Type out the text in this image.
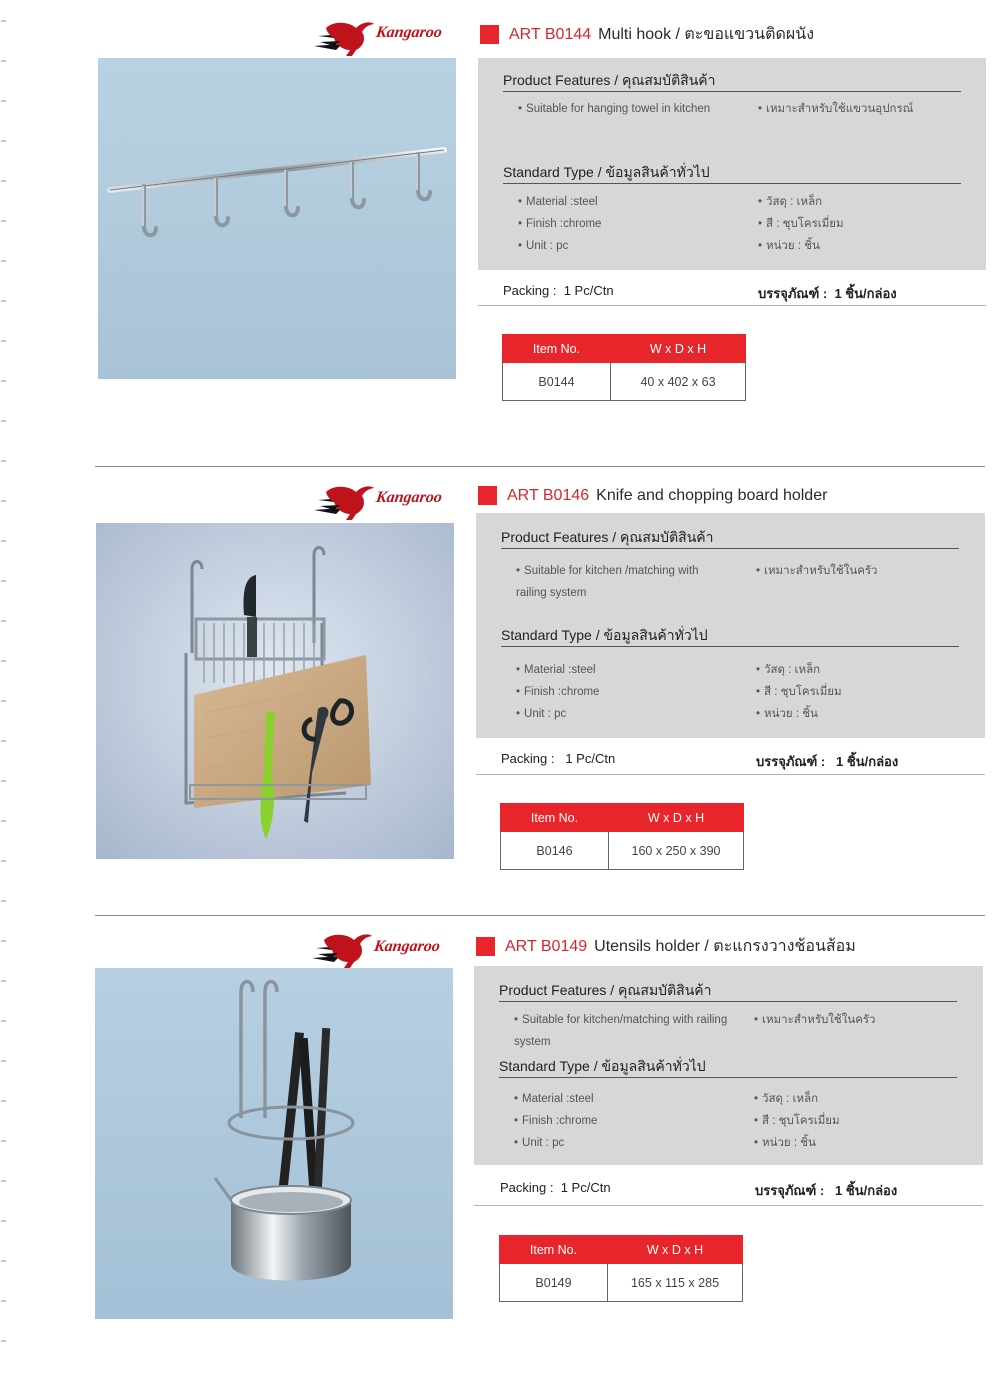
Kangaroo	ART B0144 Multi hook / ตะขอแขวนติดผนัง
Product Features / คุณสมบัติสินค้า
• Suitable for hanging towel in kitchen	• เหมาะสำหรับใช้แขวนอุปกรณ์
Standard Type / ข้อมูลสินค้าทั่วไป
• Material :steel
• Finish :chrome
• Unit : pc
• วัสดุ : เหล็ก
• สี : ชุบโครเมี่ยม
• หน่วย : ชิ้น
Packing : 1 Pc/Ctn	บรรจุภัณฑ์ : 1 ชิ้น/กล่อง
Item No.	W x D x H
B0144	40 x 402 x 63
Kangaroo	ART B0146 Knife and chopping board holder
Product Features / คุณสมบัติสินค้า
• Suitable for kitchen /matching with railing system
• เหมาะสำหรับใช้ในครัว
Standard Type / ข้อมูลสินค้าทั่วไป
• Material :steel
• Finish :chrome
• Unit : pc
• วัสดุ : เหล็ก
• สี : ชุบโครเมี่ยม
• หน่วย : ชิ้น
Packing : 1 Pc/Ctn	บรรจุภัณฑ์ : 1 ชิ้น/กล่อง
Item No.	W x D x H
B0146	160 x 250 x 390
Kangaroo	ART B0149 Utensils holder / ตะแกรงวางช้อนส้อม
Product Features / คุณสมบัติสินค้า
• Suitable for kitchen/matching with railing system
• เหมาะสำหรับใช้ในครัว
Standard Type / ข้อมูลสินค้าทั่วไป
• Material :steel
• Finish :chrome
• Unit : pc
• วัสดุ : เหล็ก
• สี : ชุบโครเมี่ยม
• หน่วย : ชิ้น
Packing : 1 Pc/Ctn	บรรจุภัณฑ์ : 1 ชิ้น/กล่อง
Item No.	W x D x H
B0149	165 x 115 x 285
